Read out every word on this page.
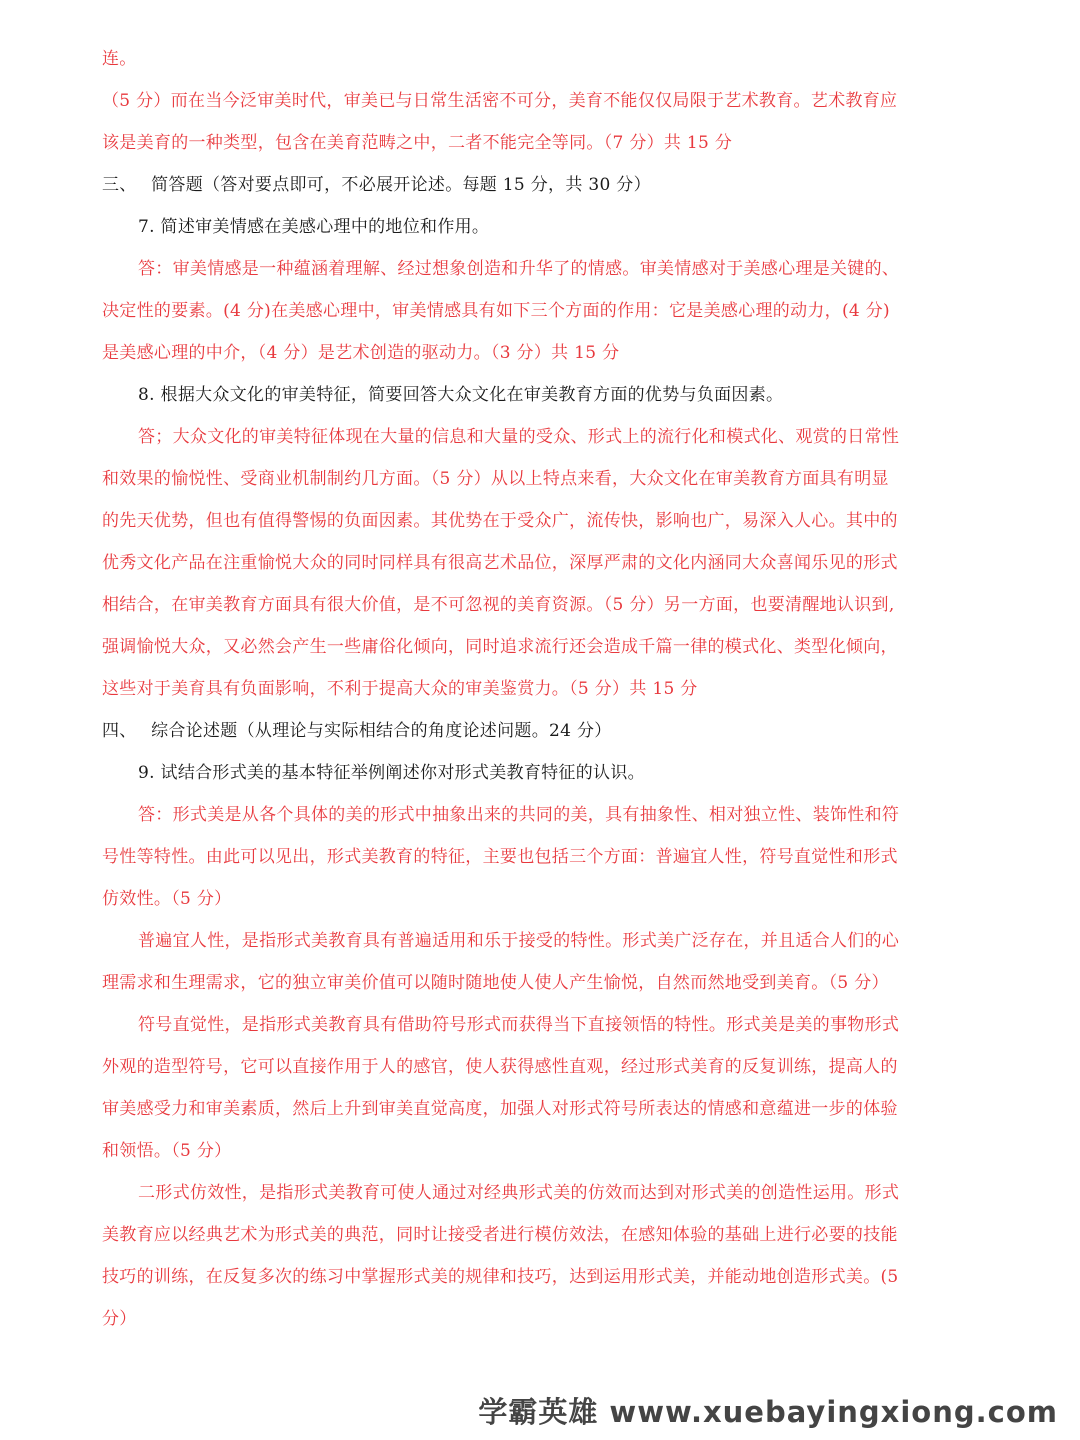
连。
（5 分）而在当今泛审美时代，审美已与日常生活密不可分，美育不能仅仅局限于艺术教育。艺术教育应
该是美育的一种类型，包含在美育范畴之中，二者不能完全等同。（7 分）共 15 分
三、　 简答题（答对要点即可，不必展开论述。每题 15 分，共 30 分）
7. 简述审美情感在美感心理中的地位和作用。
答：审美情感是一种蕴涵着理解、经过想象创造和升华了的情感。审美情感对于美感心理是关键的、
决定性的要素。(4 分)在美感心理中，审美情感具有如下三个方面的作用：它是美感心理的动力，(4 分)
是美感心理的中介，（4 分）是艺术创造的驱动力。（3 分）共 15 分
8. 根据大众文化的审美特征，简要回答大众文化在审美教育方面的优势与负面因素。
答；大众文化的审美特征体现在大量的信息和大量的受众、形式上的流行化和模式化、观赏的日常性
和效果的愉悦性、受商业机制制约几方面。（5 分）从以上特点来看，大众文化在审美教育方面具有明显
的先天优势，但也有值得警惕的负面因素。其优势在于受众广，流传快，影响也广，易深入人心。其中的
优秀文化产品在注重愉悦大众的同时同样具有很高艺术品位，深厚严肃的文化内涵同大众喜闻乐见的形式
相结合，在审美教育方面具有很大价值，是不可忽视的美育资源。（5 分）另一方面，也要清醒地认识到,
强调愉悦大众，又必然会产生一些庸俗化倾向，同时追求流行还会造成千篇一律的模式化、类型化倾向，
这些对于美育具有负面影响，不利于提高大众的审美鉴赏力。（5 分）共 15 分
四、　 综合论述题（从理论与实际相结合的角度论述问题。24 分）
9. 试结合形式美的基本特征举例阐述你对形式美教育特征的认识。
答：形式美是从各个具体的美的形式中抽象出来的共同的美，具有抽象性、相对独立性、装饰性和符
号性等特性。由此可以见出，形式美教育的特征，主要也包括三个方面：普遍宜人性，符号直觉性和形式
仿效性。（5 分）
普遍宜人性，是指形式美教育具有普遍适用和乐于接受的特性。形式美广泛存在，并且适合人们的心
理需求和生理需求，它的独立审美价值可以随时随地使人使人产生愉悦，自然而然地受到美育。（5 分）
符号直觉性，是指形式美教育具有借助符号形式而获得当下直接领悟的特性。形式美是美的事物形式
外观的造型符号，它可以直接作用于人的感官，使人获得感性直观，经过形式美育的反复训练，提高人的
审美感受力和审美素质，然后上升到审美直觉高度，加强人对形式符号所表达的情感和意蕴进一步的体验
和领悟。（5 分）
二形式仿效性，是指形式美教育可使人通过对经典形式美的仿效而达到对形式美的创造性运用。形式
美教育应以经典艺术为形式美的典范，同时让接受者进行模仿效法，在感知体验的基础上进行必要的技能
技巧的训练，在反复多次的练习中掌握形式美的规律和技巧，达到运用形式美，并能动地创造形式美。(5
分）
学霸英雄 www.xuebayingxiong.com
